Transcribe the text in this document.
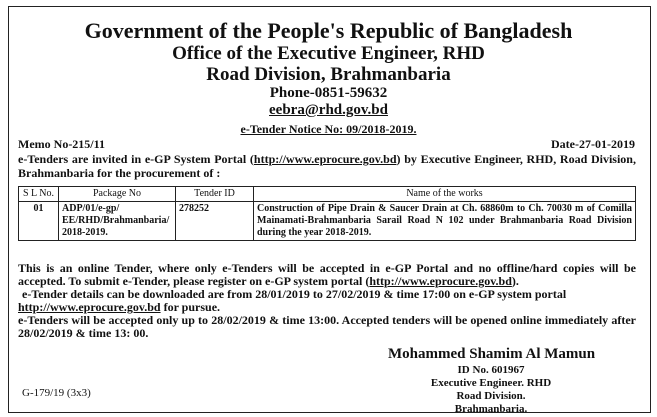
Government of the People's Republic of Bangladesh
Office of the Executive Engineer, RHD
Road Division, Brahmanbaria
Phone-0851-59632
eebra@rhd.gov.bd
e-Tender Notice No: 09/2018-2019.
Memo No-215/11	Date-27-01-2019
e-Tenders are invited in e-GP System Portal (http://www.eprocure.gov.bd) by Executive Engineer, RHD, Road Division, Brahmanbaria for the procurement of :
S L No.	Package No	Tender ID	Name of the works
01	ADP/01/e-gp/ EE/RHD/Brahmanbaria/ 2018-2019.	278252	Construction of Pipe Drain & Saucer Drain at Ch. 68860m to Ch. 70030 m of Comilla Mainamati-Brahmanbaria Sarail Road N 102 under Brahmanbaria Road Division during the year 2018-2019.
This is an online Tender, where only e-Tenders will be accepted in e-GP Portal and no offline/hard copies will be accepted. To submit e-Tender, please register on e-GP system portal (http://www.eprocure.gov.bd).
e-Tender details can be downloaded are from 28/01/2019 to 27/02/2019 & time 17:00 on e-GP system portal
http://www.eprocure.gov.bd for pursue.
e-Tenders will be accepted only up to 28/02/2019 & time 13:00. Accepted tenders will be opened online immediately after 28/02/2019 & time 13: 00.
Mohammed Shamim Al Mamun
ID No. 601967
Executive Engineer. RHD
Road Division. Brahmanbaria.
G-179/19 (3x3)
